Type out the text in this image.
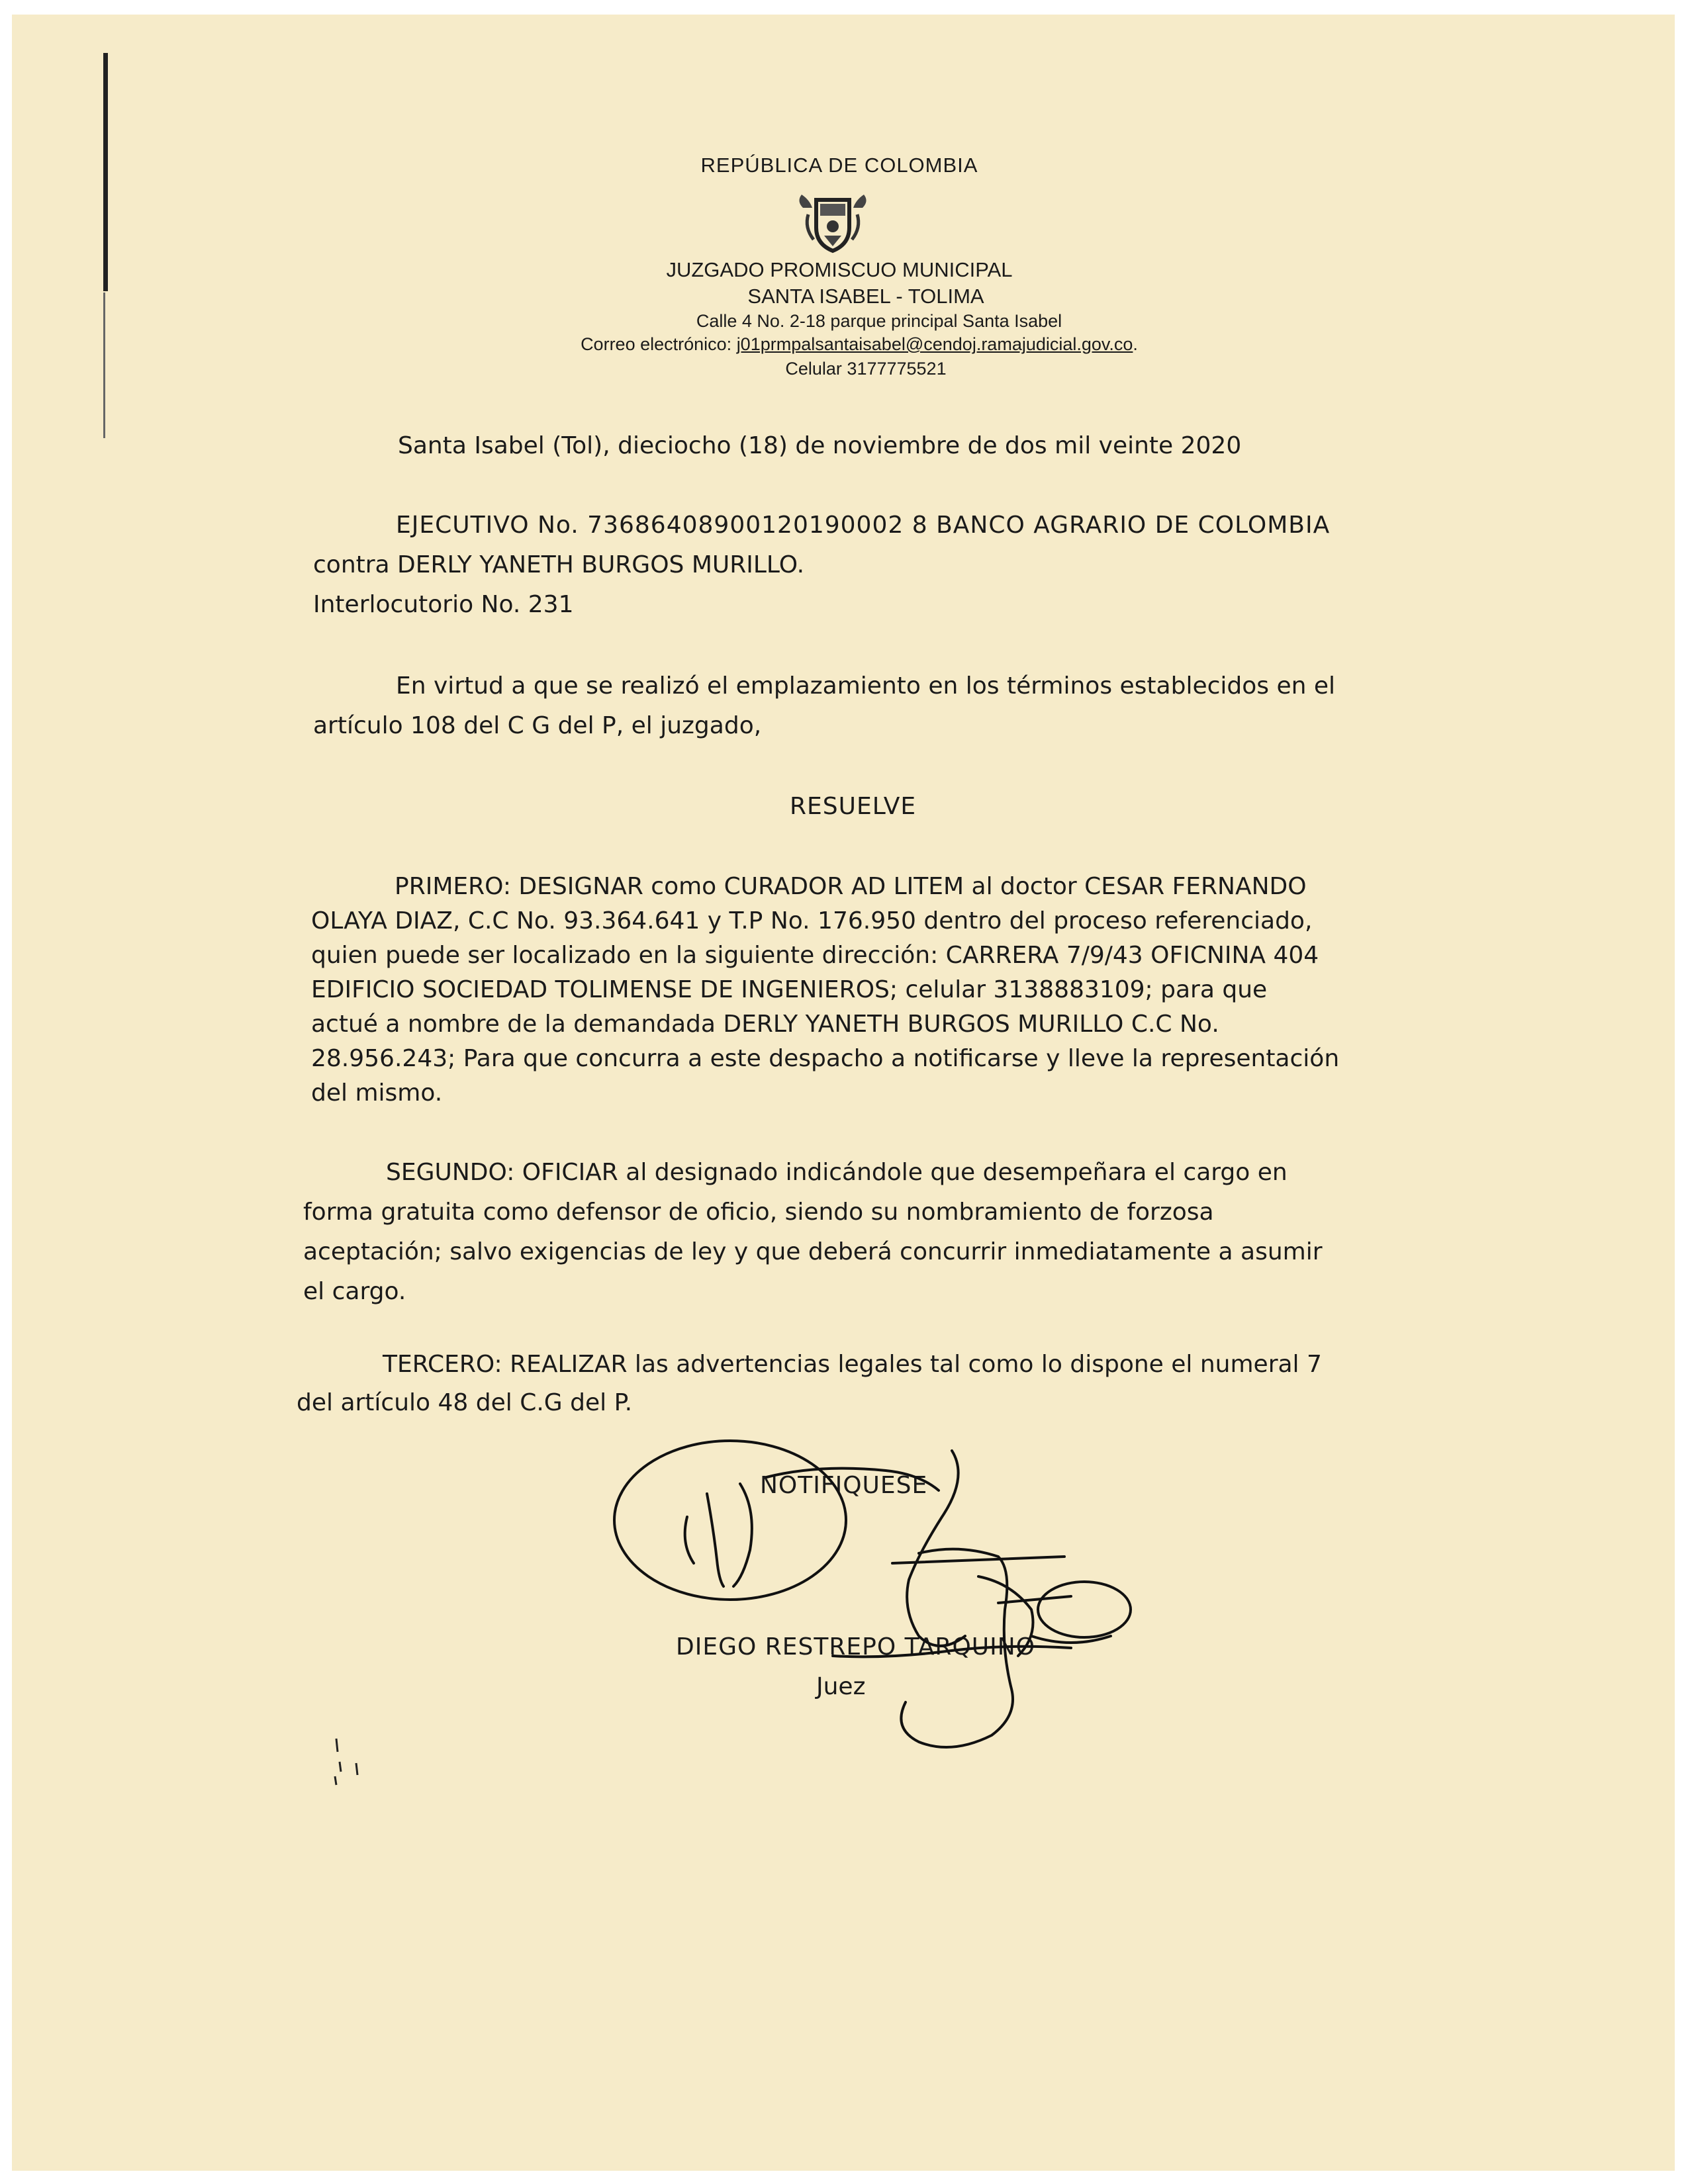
REPÚBLICA DE COLOMBIA
JUZGADO PROMISCUO MUNICIPAL
SANTA ISABEL - TOLIMA
Calle 4 No. 2-18 parque principal Santa Isabel
Correo electrónico: j01prmpalsantaisabel@cendoj.ramajudicial.gov.co.
Celular 3177775521
Santa Isabel (Tol), dieciocho (18) de noviembre de dos mil veinte 2020
EJECUTIVO No. 73686408900120190002 8 BANCO AGRARIO DE COLOMBIA
contra DERLY YANETH BURGOS MURILLO.
Interlocutorio No. 231
En virtud a que se realizó el emplazamiento en los términos establecidos en el
artículo 108 del C G del P, el juzgado,
RESUELVE
PRIMERO: DESIGNAR como CURADOR AD LITEM al doctor CESAR FERNANDO
OLAYA DIAZ, C.C No. 93.364.641 y T.P No. 176.950 dentro del proceso referenciado,
quien puede ser localizado en la siguiente dirección: CARRERA 7/9/43 OFICNINA 404
EDIFICIO SOCIEDAD TOLIMENSE DE INGENIEROS; celular 3138883109; para que
actué a nombre de la demandada DERLY YANETH BURGOS MURILLO C.C No.
28.956.243; Para que concurra a este despacho a notificarse y lleve la representación
del mismo.
SEGUNDO: OFICIAR al designado indicándole que desempeñara el cargo en
forma gratuita como defensor de oficio, siendo su nombramiento de forzosa
aceptación; salvo exigencias de ley y que deberá concurrir inmediatamente a asumir
el cargo.
TERCERO: REALIZAR las advertencias legales tal como lo dispone el numeral 7
del artículo 48 del C.G del P.
NOTIFIQUESE
DIEGO RESTREPO TARQUINO
Juez
